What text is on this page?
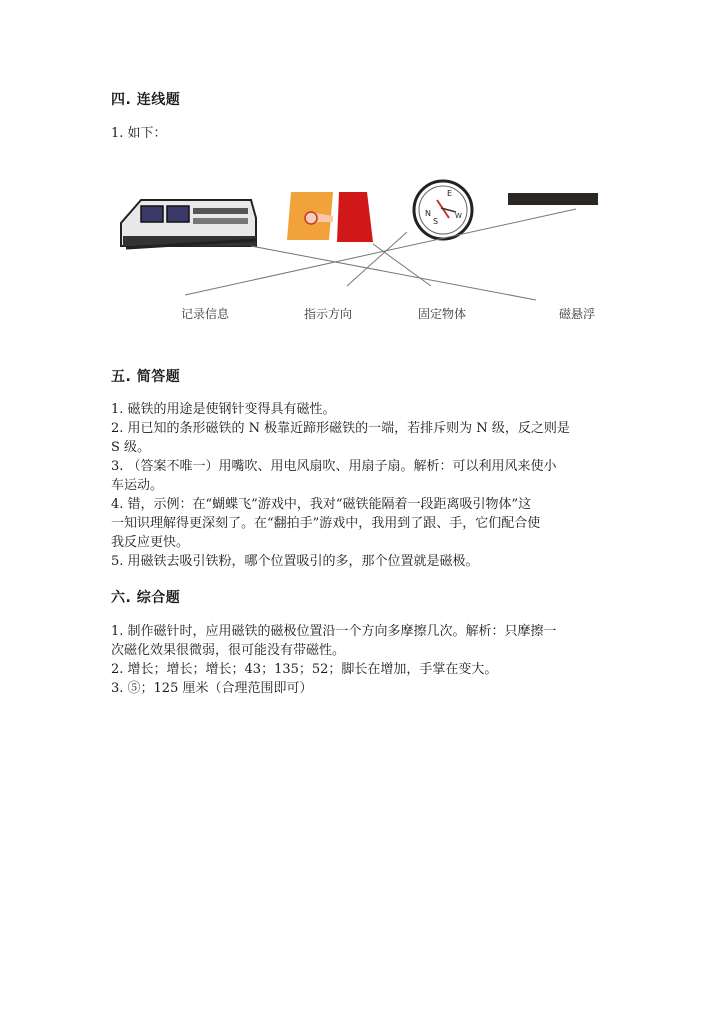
四. 连线题
1. 如下：
E
N
S
W
记录信息	指示方向	固定物体	磁悬浮
五. 简答题
1. 磁铁的用途是使钢针变得具有磁性。
2. 用已知的条形磁铁的 N 极靠近蹄形磁铁的一端，若排斥则为 N 级，反之则是
S 级。
3. （答案不唯一）用嘴吹、用电风扇吹、用扇子扇。解析：可以利用风来使小
车运动。
4. 错，示例：在“蝴蝶飞”游戏中，我对“磁铁能隔着一段距离吸引物体”这
一知识理解得更深刻了。在“翻拍手”游戏中，我用到了跟、手，它们配合使
我反应更快。
5. 用磁铁去吸引铁粉，哪个位置吸引的多，那个位置就是磁极。
六. 综合题
1. 制作磁针时，应用磁铁的磁极位置沿一个方向多摩擦几次。解析：只摩擦一
次磁化效果很微弱，很可能没有带磁性。
2. 增长；增长；增长；43；135；52；脚长在增加，手掌在变大。
3. ⑤；125 厘米（合理范围即可）
